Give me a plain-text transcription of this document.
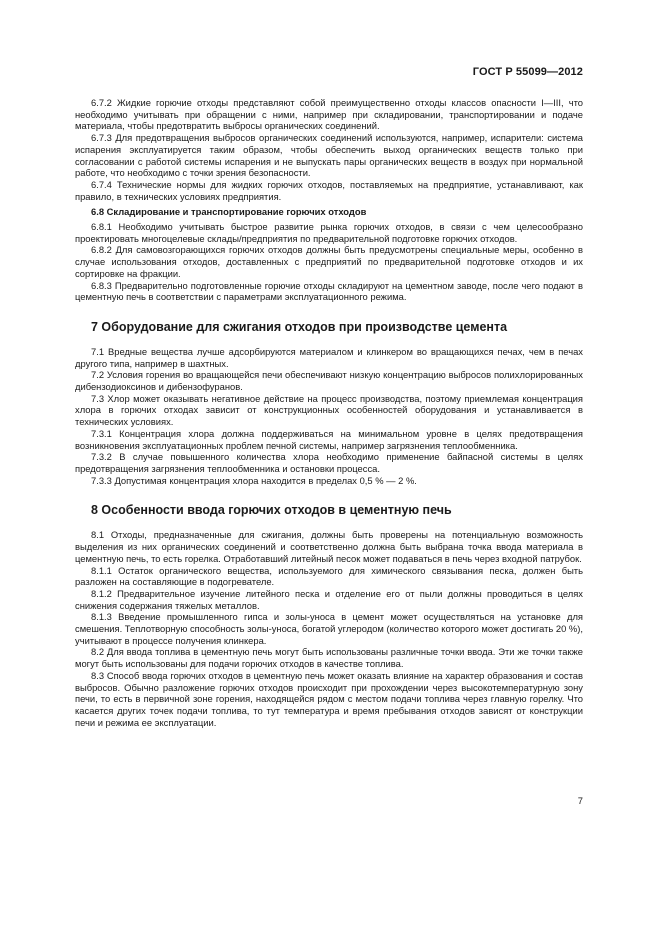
ГОСТ Р 55099—2012

6.7.2 Жидкие горючие отходы представляют собой преимущественно отходы классов опасности I—III, что необходимо учитывать при обращении с ними, например при складировании, транспортировании и подаче материала, чтобы предотвратить выбросы органических соединений.

6.7.3 Для предотвращения выбросов органических соединений используются, например, испарители: система испарения эксплуатируется таким образом, чтобы обеспечить выход органических веществ только при согласовании с работой системы испарения и не выпускать пары органических веществ в воздух при нормальной работе, что необходимо с точки зрения безопасности.

6.7.4 Технические нормы для жидких горючих отходов, поставляемых на предприятие, устанавливают, как правило, в технических условиях предприятия.

6.8 Складирование и транспортирование горючих отходов

6.8.1 Необходимо учитывать быстрое развитие рынка горючих отходов, в связи с чем целесообразно проектировать многоцелевые склады/предприятия по предварительной подготовке горючих отходов.

6.8.2 Для самовозгорающихся горючих отходов должны быть предусмотрены специальные меры, особенно в случае использования отходов, доставленных с предприятий по предварительной подготовке отходов и их сортировке на фракции.

6.8.3 Предварительно подготовленные горючие отходы складируют на цементном заводе, после чего подают в цементную печь в соответствии с параметрами эксплуатационного режима.

7 Оборудование для сжигания отходов при производстве цемента

7.1 Вредные вещества лучше адсорбируются материалом и клинкером во вращающихся печах, чем в печах другого типа, например в шахтных.

7.2 Условия горения во вращающейся печи обеспечивают низкую концентрацию выбросов полихлорированных дибензодиоксинов и дибензофуранов.

7.3 Хлор может оказывать негативное действие на процесс производства, поэтому приемлемая концентрация хлора в горючих отходах зависит от конструкционных особенностей оборудования и устанавливается в технических условиях.

7.3.1 Концентрация хлора должна поддерживаться на минимальном уровне в целях предотвращения возникновения эксплуатационных проблем печной системы, например загрязнения теплообменника.

7.3.2 В случае повышенного количества хлора необходимо применение байпасной системы в целях предотвращения загрязнения теплообменника и остановки процесса.

7.3.3 Допустимая концентрация хлора находится в пределах 0,5 % — 2 %.

8 Особенности ввода горючих отходов в цементную печь

8.1 Отходы, предназначенные для сжигания, должны быть проверены на потенциальную возможность выделения из них органических соединений и соответственно должна быть выбрана точка ввода материала в цементную печь, то есть горелка. Отработавший литейный песок может подаваться в печь через входной патрубок.

8.1.1 Остаток органического вещества, используемого для химического связывания песка, должен быть разложен на составляющие в подогревателе.

8.1.2 Предварительное изучение литейного песка и отделение его от пыли должны проводиться в целях снижения содержания тяжелых металлов.

8.1.3 Введение промышленного гипса и золы-уноса в цемент может осуществляться на установке для смешения. Теплотворную способность золы-уноса, богатой углеродом (количество которого может достигать 20 %), учитывают в процессе получения клинкера.

8.2 Для ввода топлива в цементную печь могут быть использованы различные точки ввода. Эти же точки также могут быть использованы для подачи горючих отходов в качестве топлива.

8.3 Способ ввода горючих отходов в цементную печь может оказать влияние на характер образования и состав выбросов. Обычно разложение горючих отходов происходит при прохождении через высокотемпературную зону печи, то есть в первичной зоне горения, находящейся рядом с местом подачи топлива через главную горелку. Что касается других точек подачи топлива, то тут температура и время пребывания отходов зависят от конструкции печи и режима ее эксплуатации.

7
